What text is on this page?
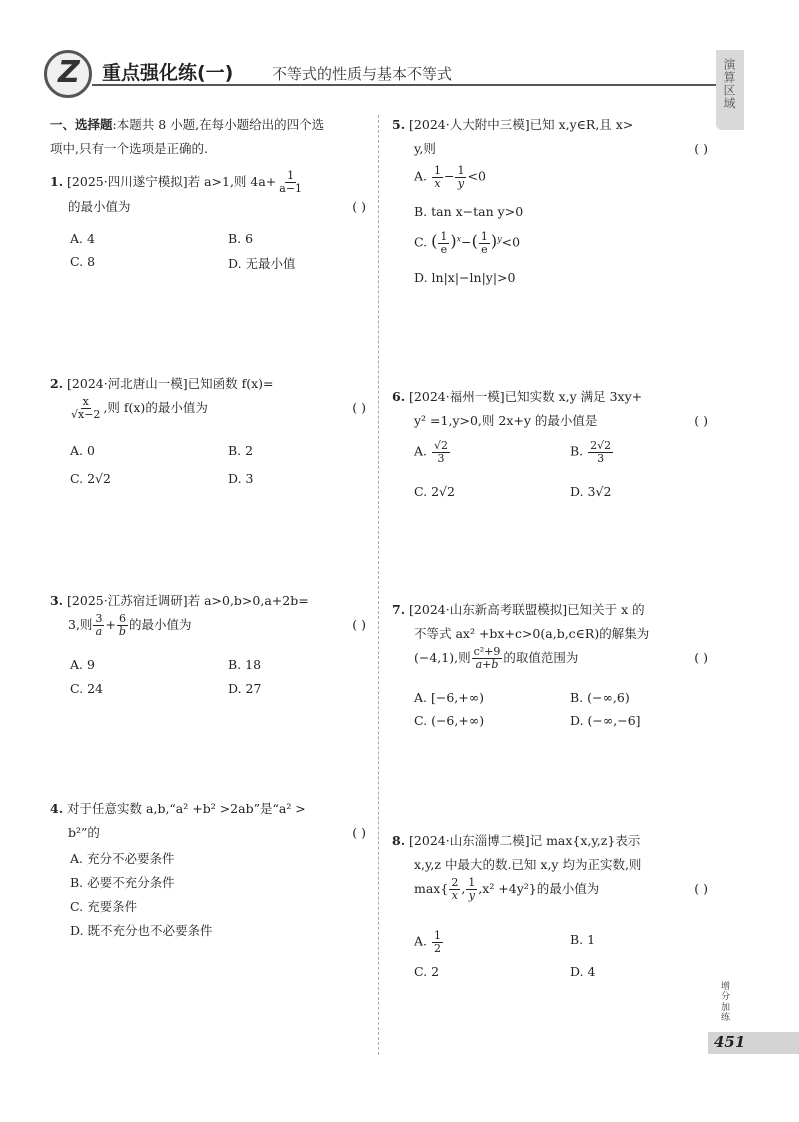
Z 重点强化练(一)	不等式的性质与基本不等式	演算区域
一、选择题:本题共 8 小题,在每小题给出的四个选
项中,只有一个选项是正确的.
1. [2025·四川遂宁模拟]若 a>1,则 $4a+ \frac{1}{a-1}$
的最小值为	( )
A. 4	B. 6
C. 8	D. 无最小值
2. [2024·河北唐山一模]已知函数 f(x)=
$\frac{x}{√x-2}$ ,则 f(x)的最小值为	( )
A. 0	B. 2
C. 2√2	D. 3
3. [2025·江苏宿迁调研]若 a>0,b>0,a+2b=
3,则 $\frac{3}{a} + \frac{6}{b}$ 的最小值为	( )
A. 9	B. 18
C. 24	D. 27
4. 对于任意实数 a,b,“a² +b² >2ab”是“a² >
b²”的	( )
A. 充分不必要条件
B. 必要不充分条件
C. 充要条件
D. 既不充分也不必要条件
5. [2024·人大附中三模]已知 x,y∈R,且 x>
y,则	( )
A. $\frac{1}{x} - \frac{1}{y} <0$
B. tan x−tan y>0
C. ( $\frac{1}{e} )^x-( \frac{1}{e} )^y<0$
D. ln|x|−ln|y|>0
6. [2024·福州一模]已知实数 x,y 满足 3xy+
y² =1,y>0,则 2x+y 的最小值是	( )
A. $\frac{√2}{3}$	B. $\frac{2√2}{3}$
C. 2√2	D. 3√2
7. [2024·山东新高考联盟模拟]已知关于 x 的
不等式 ax² +bx+c>0(a,b,c∈R)的解集为
(−4,1),则 $\frac{\text{c²+9}}{a+b}$ 的取值范围为	( )
A. [−6,+∞)	B. (−∞,6)
C. (−6,+∞)	D. (−∞,−6]
8. [2024·山东淄博二模]记 max{x,y,z}表示
x,y,z 中最大的数.已知 x,y 均为正实数,则
$\max\{ \frac{2}{x}$ , $\frac{1}{y} ,x^2 +4y^2$}的最小值为	( )
A. $\frac{1}{2}$	B. 1
C. 2	D. 4
增分加练
451
